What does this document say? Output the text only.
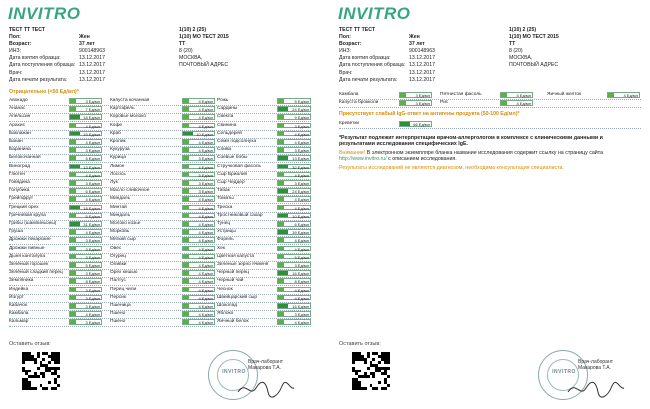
INVITRO
ТЕСТ ТТ ТЕСТ	1(10) 2 (25)
Пол:	Жен	1(10) МО ТЕСТ 2015
Возраст:	37 лет	ТТ
ИНЗ:	900148963	8 (20)
Дата взятия образца:	13.12.2017	МОСКВА,
Дата поступления образца: 13.12.2017	ПОЧТОВЫЙ АДРЕС
Врач:	13.12.2017
Дата печати результата:	13.12.2017
Отрицательно (<50 Ед/мл)*
Авокадо	3 Ед/мл	Капуста кочанная	4 Ед/мл Рожь	5 Ед/мл
Ананас	7 Ед/мл	Картофель	4 Ед/мл Сардины	24 Ед/мл
Апельсин	18 Ед/мл	Коровье молоко	4 Ед/мл Свекла	9 Ед/мл
Арахис	4 Ед/мл	Кофе	4 Ед/мл Свинина	3 Ед/мл
Баклажан	19 Ед/мл	Краб	10 Ед/мл Сельдерей	4 Ед/мл
Банан	4 Ед/мл	Кролик	4 Ед/мл Семя подсолнуха	4 Ед/мл
Баранина	3 Ед/мл	Кукуруза	4 Ед/мл Слива	3 Ед/мл
Белокочанная	5 Ед/мл	Курица	3 Ед/мл Соевые бобы	13 Ед/мл
Виноград	13 Ед/мл	Лимон	4 Ед/мл Стручковая фасоль	32 Ед/мл
Глютен	4 Ед/мл	Лосось	5 Ед/мл Сыр Бриалия	4 Ед/мл
Говядина	3 Ед/мл	Лук	3 Ед/мл Сыр Чеддер	3 Ед/мл
Голубика	6 Ед/мл	Масло сливочное	3 Ед/мл Табак	24 Ед/мл
Грейпфрут	4 Ед/мл	Миндаль	4 Ед/мл Томаты	4 Ед/мл
Грецкий орех	18 Ед/мл	Минтай	4 Ед/мл Треска	4 Ед/мл
Гречневая крупа	5 Ед/мл	Миндаль	4 Ед/мл Тростниковый сахар	10 Ед/мл
Грибы (шампиньоны)	31 Ед/мл	Молоко козье	4 Ед/мл Тунец	6 Ед/мл
Груша	4 Ед/мл	Морковь	4 Ед/мл Устрицы	39 Ед/мл
Дрожжи пекарские	3 Ед/мл	Мягкий сыр	4 Ед/мл Форель	4 Ед/мл
Дрожжи пивные	3 Ед/мл	Овес	4 Ед/мл Хек	4 Ед/мл
Дыня канталупа	3 Ед/мл	Огурец	4 Ед/мл Цветная капуста	5 Ед/мл
Зелёный горошек	5 Ед/мл	Оливки	4 Ед/мл Зеленые зерно ячменя	3 Ед/мл
Зелёный сладкий перец	3 Ед/мл	Орех кешью	4 Ед/мл Черный перец	16 Ед/мл
Земляника	8 Ед/мл	Палтус	4 Ед/мл Черный чай	8 Ед/мл
Индейка	3 Ед/мл	Перец чили	4 Ед/мл Чеснок	4 Ед/мл
Йогурт	3 Ед/мл	Персик	4 Ед/мл Швейцарский сыр	4 Ед/мл
Кабачок	3 Ед/мл	Пшеница	4 Ед/мл Шоколад	16 Ед/мл
Камбала	4 Ед/мл	Пшено	4 Ед/мл Яблоко	3 Ед/мл
Кальмар	3 Ед/мл	Пшено	4 Ед/мл Яичный белок	4 Ед/мл
Оставить отзыв:
INVITRO
Врач-лаборант
Макарова Т.А.
INVITRO
ТЕСТ ТТ ТЕСТ	1(10) 2 (25)
Пол:	Жен	1(10) МО ТЕСТ 2015
Возраст:	37 лет	ТТ
ИНЗ:	900148963	8 (20)
Дата взятия образца:	13.12.2017	МОСКВА,
Дата поступления образца: 13.12.2017	ПОЧТОВЫЙ АДРЕС
Врач:	13.12.2017
Дата печати результата:	13.12.2017
Камбала	3 Ед/мл	Пятнистая фасоль	4 Ед/мл	Яичный желток	4 Ед/мл
Капуста брокколи	3 Ед/мл	Рис	4 Ед/мл
Присутствует слабый IgG-ответ на антигены продукта (50-100 Ед/мл)*
Креветки	66 Ед/мл
*Результат подлежит интерпретации врачом-аллергологом в комплексе с клиническими данными и результатами исследования специфических IgE.
Внимание! В электронном экземпляре бланка название исследования содержит ссылку на страницу сайта http://www.invitro.ru/ с описанием исследования.
Результаты исследований не являются диагнозом, необходима консультация специалиста.
Оставить отзыв:
INVITRO
Врач-лаборант
Макарова Т.А.
